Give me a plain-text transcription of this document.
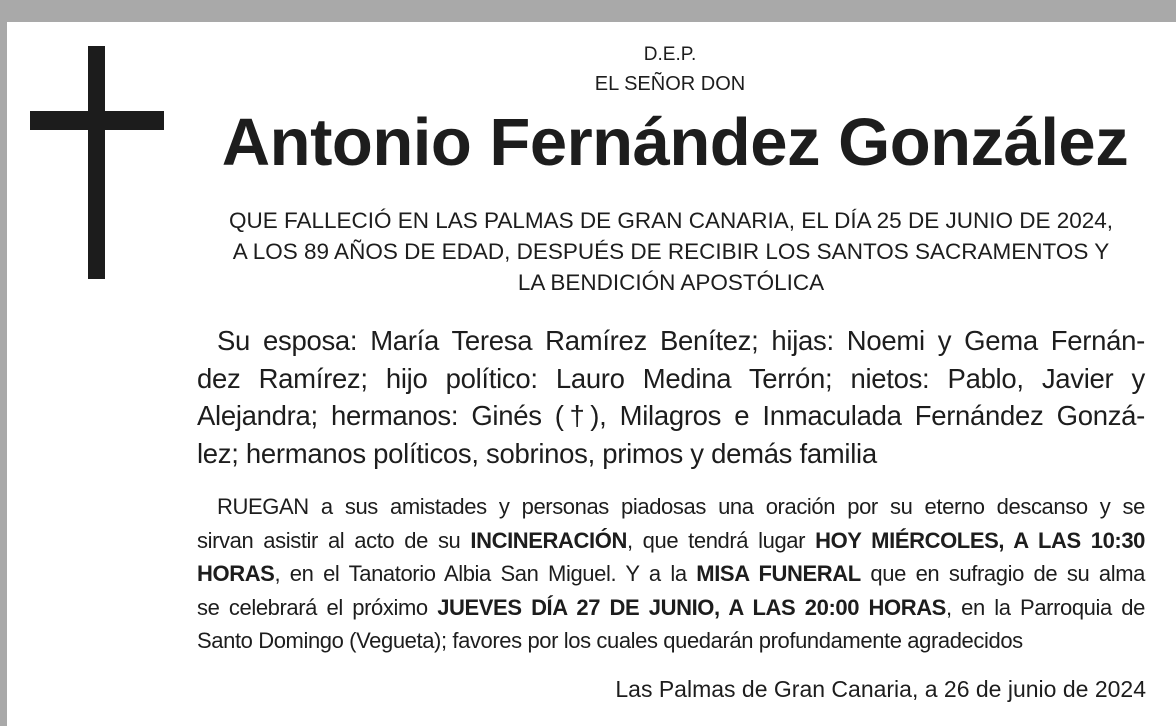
D.E.P.
EL SEÑOR DON
Antonio Fernández González
QUE FALLECIÓ EN LAS PALMAS DE GRAN CANARIA, EL DÍA 25 DE JUNIO DE 2024,
A LOS 89 AÑOS DE EDAD, DESPUÉS DE RECIBIR LOS SANTOS SACRAMENTOS Y
LA BENDICIÓN APOSTÓLICA
Su esposa: María Teresa Ramírez Benítez; hijas: Noemi y Gema Fernán-
dez Ramírez; hijo político: Lauro Medina Terrón; nietos: Pablo, Javier y
Alejandra; hermanos: Ginés (†), Milagros e Inmaculada Fernández Gonzá-
lez; hermanos políticos, sobrinos, primos y demás familia
RUEGAN a sus amistades y personas piadosas una oración por su eterno descanso y se
sirvan asistir al acto de su INCINERACIÓN, que tendrá lugar HOY MIÉRCOLES, A LAS 10:30
HORAS, en el Tanatorio Albia San Miguel. Y a la MISA FUNERAL que en sufragio de su alma
se celebrará el próximo JUEVES DÍA 27 DE JUNIO, A LAS 20:00 HORAS, en la Parroquia de
Santo Domingo (Vegueta); favores por los cuales quedarán profundamente agradecidos
Las Palmas de Gran Canaria, a 26 de junio de 2024
